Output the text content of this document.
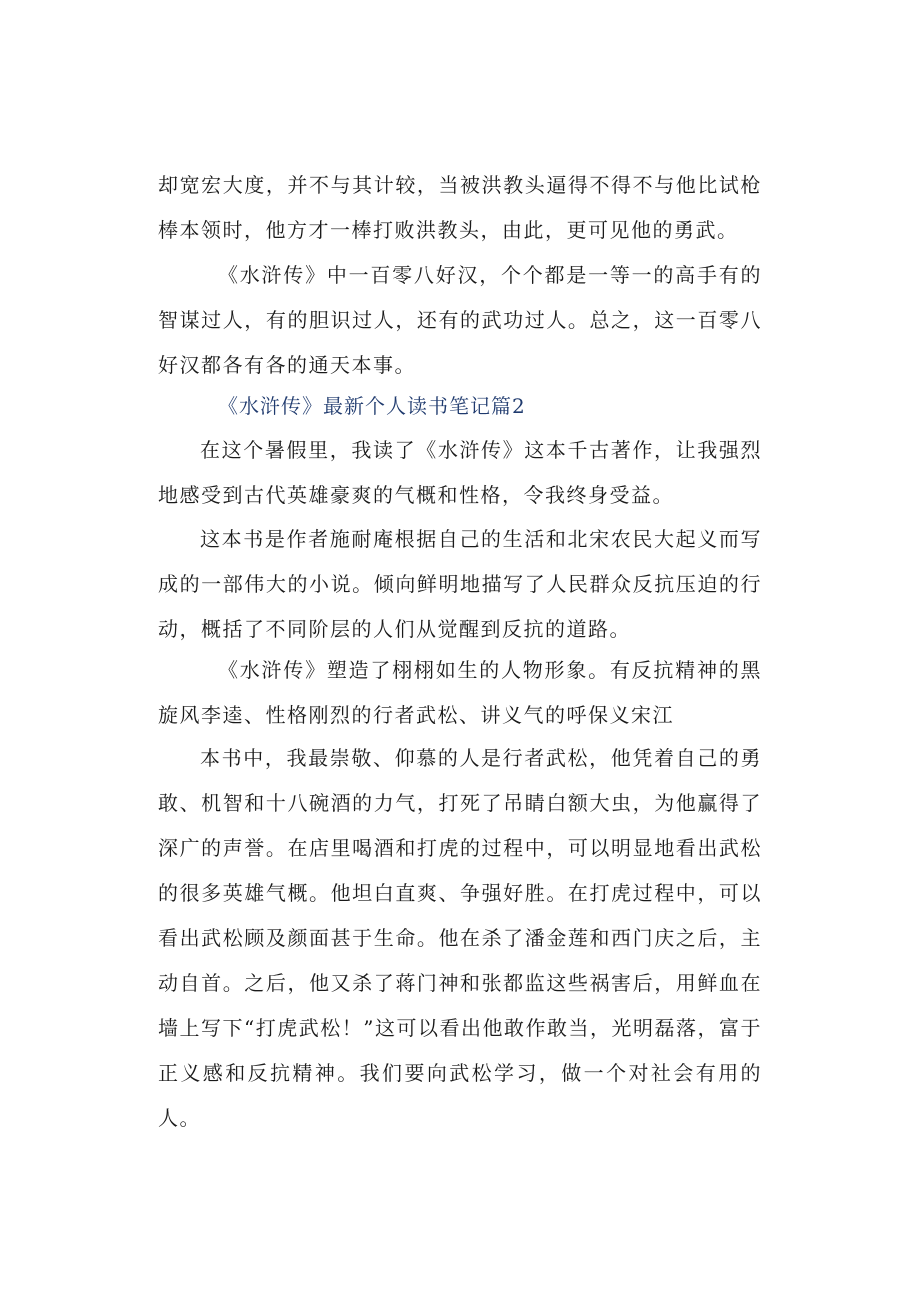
却宽宏大度，并不与其计较，当被洪教头逼得不得不与他比试枪棒本领时，他方才一棒打败洪教头，由此，更可见他的勇武。

《水浒传》中一百零八好汉，个个都是一等一的高手有的智谋过人，有的胆识过人，还有的武功过人。总之，这一百零八好汉都各有各的通天本事。

《水浒传》最新个人读书笔记篇2

在这个暑假里，我读了《水浒传》这本千古著作，让我强烈地感受到古代英雄豪爽的气概和性格，令我终身受益。

这本书是作者施耐庵根据自己的生活和北宋农民大起义而写成的一部伟大的小说。倾向鲜明地描写了人民群众反抗压迫的行动，概括了不同阶层的人们从觉醒到反抗的道路。

《水浒传》塑造了栩栩如生的人物形象。有反抗精神的黑旋风李逵、性格刚烈的行者武松、讲义气的呼保义宋江

本书中，我最崇敬、仰慕的人是行者武松，他凭着自己的勇敢、机智和十八碗酒的力气，打死了吊睛白额大虫，为他赢得了深广的声誉。在店里喝酒和打虎的过程中，可以明显地看出武松的很多英雄气概。他坦白直爽、争强好胜。在打虎过程中，可以看出武松顾及颜面甚于生命。他在杀了潘金莲和西门庆之后，主动自首。之后，他又杀了蒋门神和张都监这些祸害后，用鲜血在墙上写下“打虎武松！”这可以看出他敢作敢当，光明磊落，富于正义感和反抗精神。我们要向武松学习，做一个对社会有用的人。
